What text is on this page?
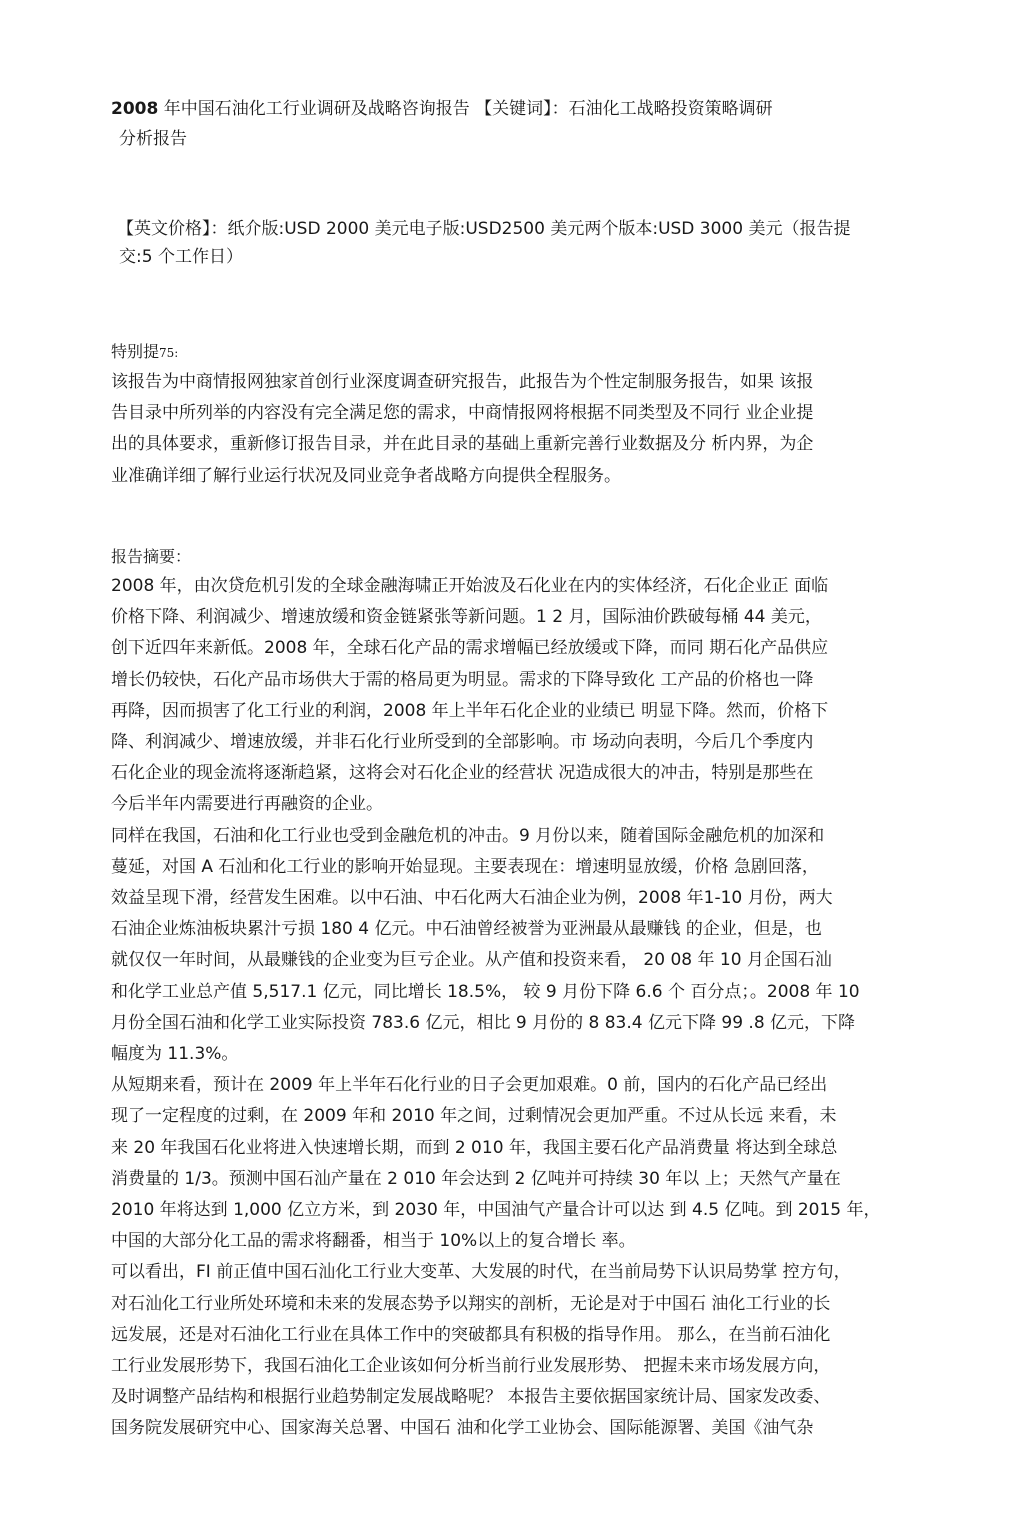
2008 年中国石油化工行业调研及战略咨询报告 【关键词】：石油化工战略投资策略调研
分析报告

【英文价格】：纸介版:USD 2000 美元电子版:USD2500 美元两个版本:USD 3000 美元（报告提
交:5 个工作日）

特别提75:

该报告为中商情报网独家首创行业深度调查研究报告，此报告为个性定制服务报告，如果 该报
告目录中所列举的内容没有完全满足您的需求，中商情报网将根据不同类型及不同行 业企业提
出的具体要求，重新修订报告目录，并在此目录的基础上重新完善行业数据及分 析内界，为企
业准确详细了解行业运行状况及同业竞争者战略方向提供全程服务。

报告摘要：

2008 年，由次贷危机引发的全球金融海啸正开始波及石化业在内的实体经济，石化企业正 面临
价格下降、利润减少、增速放缓和资金链紧张等新问题。1 2 月，国际油价跌破每桶 44 美元，
创下近四年来新低。2008 年，全球石化产品的需求增幅已经放缓或下降，而同 期石化产品供应
增长仍较快，石化产品市场供大于需的格局更为明显。需求的下降导致化 工产品的价格也一降
再降，因而损害了化工行业的利润，2008 年上半年石化企业的业绩已 明显下降。然而，价格下
降、利润减少、增速放缓，并非石化行业所受到的全部影响。市 场动向表明，今后几个季度内
石化企业的现金流将逐渐趋紧，这将会对石化企业的经营状 况造成很大的冲击，特别是那些在
今后半年内需要进行再融资的企业。
同样在我国，石油和化工行业也受到金融危机的冲击。9 月份以来，随着国际金融危机的加深和
蔓延，对国 A 石汕和化工行业的影响开始显现。主要表现在：增速明显放缓，价格 急剧回落，
效益呈现下滑，经营发生困难。以中石油、中石化两大石油企业为例，2008 年1-10 月份，两大
石油企业炼油板块累汁亏损 180 4 亿元。中石油曾经被誉为亚洲最从最赚钱 的企业，但是，也
就仅仅一年时间，从最赚钱的企业变为巨亏企业。从产值和投资来看， 20 08 年 10 月企国石汕
和化学工业总产值 5,517.1 亿元，同比增长 18.5%， 较 9 月份下降 6.6 个 百分点；。2008 年 10
月份全国石油和化学工业实际投资 783.6 亿元，相比 9 月份的 8 83.4 亿元下降 99 .8 亿元，下降
幅度为 11.3%。
从短期来看，预计在 2009 年上半年石化行业的日子会更加艰难。0 前，国内的石化产品已经出
现了一定程度的过剩，在 2009 年和 2010 年之间，过剩情况会更加严重。不过从长远 来看，未
来 20 年我国石化业将进入快速增长期，而到 2 010 年，我国主要石化产品消费量 将达到全球总
消费量的 1/3。预测中国石汕产量在 2 010 年会达到 2 亿吨并可持续 30 年以 上；天然气产量在
2010 年将达到 1,000 亿立方米，到 2030 年，中国油气产量合计可以达 到 4.5 亿吨。到 2015 年，
中国的大部分化工品的需求将翻番，相当于 10%以上的复合增长 率。
可以看出，FI 前正值中国石汕化工行业大变革、大发展的时代，在当前局势下认识局势掌 控方句，
对石汕化工行业所处环境和未来的发展态势予以翔实的剖析，无论是对于中国石 油化工行业的长
远发展，还是对石油化工行业在具体工作中的突破都具有积极的指导作用。 那么，在当前石油化
工行业发展形势下，我国石油化工企业该如何分析当前行业发展形势、 把握未来市场发展方向，
及时调整产品结构和根据行业趋势制定发展战略呢？ 本报告主要依据国家统计局、国家发改委、
国务院发展研究中心、国家海关总署、中国石 油和化学工业协会、国际能源署、美国《油气杂
